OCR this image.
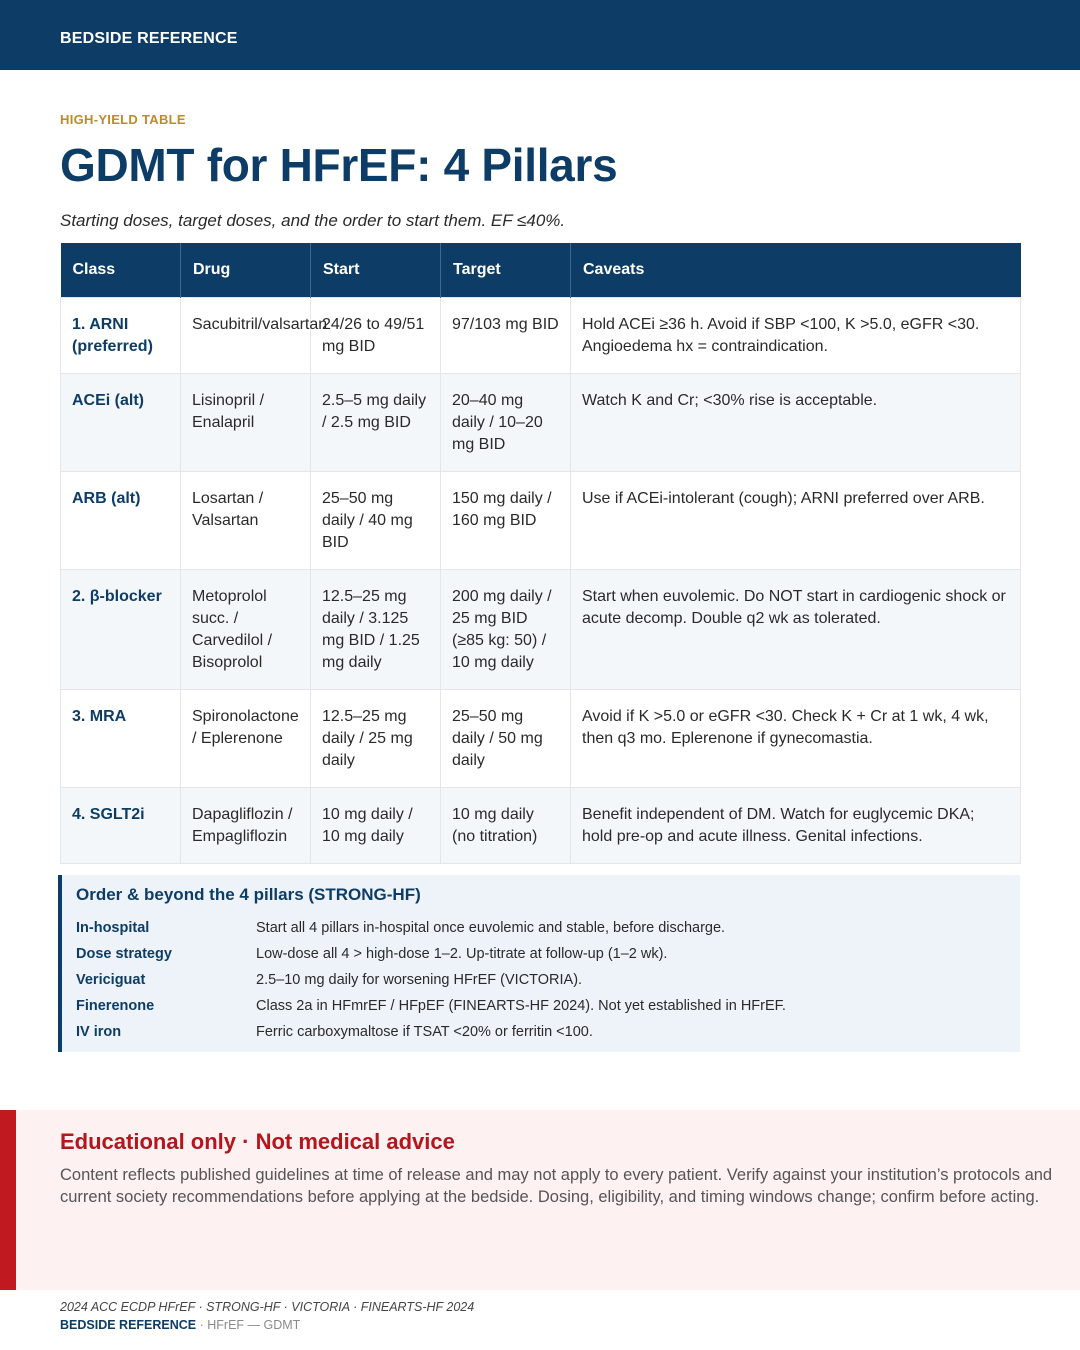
BEDSIDE REFERENCE
HIGH-YIELD TABLE
GDMT for HFrEF: 4 Pillars

Starting doses, target doses, and the order to start them. EF ≤40%.

Class	Drug	Start	Target	Caveats
1. ARNI (preferred)	Sacubitril/valsartan	24/26 to 49/51 mg BID	97/103 mg BID	Hold ACEi ≥36 h. Avoid if SBP <100, K >5.0, eGFR <30. Angioedema hx = contraindication.
ACEi (alt)	Lisinopril / Enalapril	2.5–5 mg daily / 2.5 mg BID	20–40 mg daily / 10–20 mg BID	Watch K and Cr; <30% rise is acceptable.
ARB (alt)	Losartan / Valsartan	25–50 mg daily / 40 mg BID	150 mg daily / 160 mg BID	Use if ACEi-intolerant (cough); ARNI preferred over ARB.
2. β-blocker	Metoprolol succ. / Carvedilol / Bisoprolol	12.5–25 mg daily / 3.125 mg BID / 1.25 mg daily	200 mg daily / 25 mg BID (≥85 kg: 50) / 10 mg daily	Start when euvolemic. Do NOT start in cardiogenic shock or acute decomp. Double q2 wk as tolerated.
3. MRA	Spironolactone / Eplerenone	12.5–25 mg daily / 25 mg daily	25–50 mg daily / 50 mg daily	Avoid if K >5.0 or eGFR <30. Check K + Cr at 1 wk, 4 wk, then q3 mo. Eplerenone if gynecomastia.
4. SGLT2i	Dapagliflozin / Empagliflozin	10 mg daily / 10 mg daily	10 mg daily (no titration)	Benefit independent of DM. Watch for euglycemic DKA; hold pre-op and acute illness. Genital infections.
Order & beyond the 4 pillars (STRONG-HF)
In-hospital	Start all 4 pillars in-hospital once euvolemic and stable, before discharge.
Dose strategy	Low-dose all 4 > high-dose 1–2. Up-titrate at follow-up (1–2 wk).
Vericiguat	2.5–10 mg daily for worsening HFrEF (VICTORIA).
Finerenone	Class 2a in HFmrEF / HFpEF (FINEARTS-HF 2024). Not yet established in HFrEF.
IV iron	Ferric carboxymaltose if TSAT <20% or ferritin <100.
Educational only · Not medical advice
Content reflects published guidelines at time of release and may not apply to every patient. Verify against your institution’s protocols and current society recommendations before applying at the bedside. Dosing, eligibility, and timing windows change; confirm before acting.
2024 ACC ECDP HFrEF · STRONG-HF · VICTORIA · FINEARTS-HF 2024
BEDSIDE REFERENCE · HFrEF — GDMT
